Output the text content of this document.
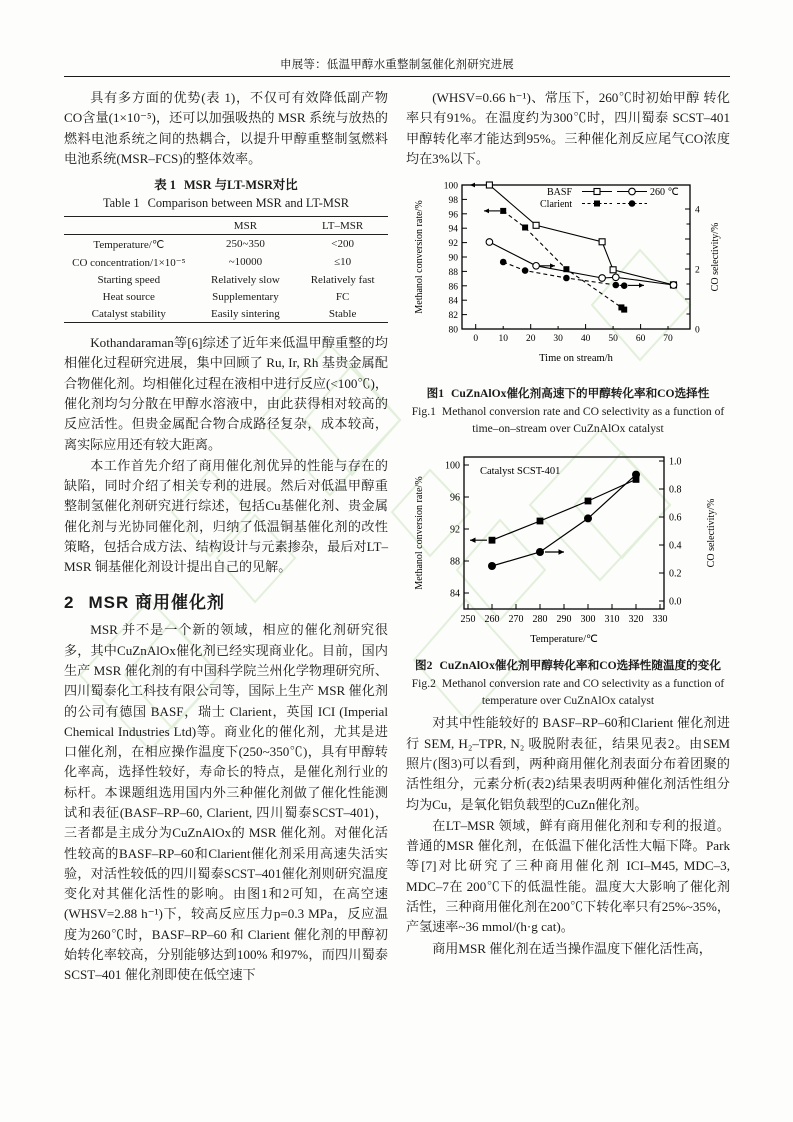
申展等：低温甲醇水重整制氢催化剂研究进展

具有多方面的优势(表 1)，不仅可有效降低副产物CO含量(1×10⁻⁵)，还可以加强吸热的 MSR 系统与放热的燃料电池系统之间的热耦合，以提升甲醇重整制氢燃料电池系统(MSR–FCS)的整体效率。

表 1 MSR 与LT-MSR对比
Table 1 Comparison between MSR and LT-MSR
	MSR	LT–MSR
Temperature/℃	250~350	<200
CO concentration/1×10⁻⁵	~10000	≤10
Starting speed	Relatively slow	Relatively fast
Heat source	Supplementary	FC
Catalyst stability	Easily sintering	Stable

Kothandaraman等[6]综述了近年来低温甲醇重整的均相催化过程研究进展，集中回顾了 Ru, Ir, Rh 基贵金属配合物催化剂。均相催化过程在液相中进行反应(<100℃)，催化剂均匀分散在甲醇水溶液中，由此获得相对较高的反应活性。但贵金属配合物合成路径复杂，成本较高，离实际应用还有较大距离。

本工作首先介绍了商用催化剂优异的性能与存在的缺陷，同时介绍了相关专利的进展。然后对低温甲醇重整制氢催化剂研究进行综述，包括Cu基催化剂、贵金属催化剂与光协同催化剂，归纳了低温铜基催化剂的改性策略，包括合成方法、结构设计与元素掺杂，最后对LT–MSR 铜基催化剂设计提出自己的见解。

2 MSR 商用催化剂

MSR 并不是一个新的领域，相应的催化剂研究很多，其中CuZnAlOx催化剂已经实现商业化。目前，国内生产 MSR 催化剂的有中国科学院兰州化学物理研究所、四川蜀泰化工科技有限公司等，国际上生产 MSR 催化剂的公司有德国 BASF，瑞士 Clarient，英国 ICI (Imperial Chemical Industries Ltd)等。商业化的催化剂，尤其是进口催化剂，在相应操作温度下(250~350℃)，具有甲醇转化率高，选择性较好，寿命长的特点，是催化剂行业的标杆。本课题组选用国内外三种催化剂做了催化性能测试和表征(BASF–RP–60, Clarient, 四川蜀泰SCST–401)，三者都是主成分为CuZnAlOx的 MSR 催化剂。对催化活性较高的BASF–RP–60和Clarient催化剂采用高速失活实验，对活性较低的四川蜀泰SCST–401催化剂则研究温度变化对其催化活性的影响。由图1和2可知，在高空速(WHSV=2.88 h⁻¹)下，较高反应压力p=0.3 MPa，反应温度为260℃时，BASF–RP–60 和 Clarient 催化剂的甲醇初始转化率较高，分别能够达到100% 和97%，而四川蜀泰 SCST–401 催化剂即使在低空速下

(WHSV=0.66 h⁻¹)、常压下，260℃时初始甲醇 转化率只有91%。在温度约为300℃时，四川蜀泰 SCST–401 甲醇转化率才能达到95%。三种催化剂反应尾气CO浓度均在3%以下。

80
82
84
86
88
90
92
94
96
98
100
0 10 20 30 40 50 60 70
Time on stream/h
Methanol conversion rate/%
0
2
4
CO selectivity/%
BASF
Clarient
260 ℃
图1 CuZnAlOx催化剂高速下的甲醇转化率和CO选择性
Fig.1 Methanol conversion rate and CO selectivity as a function of time–on–stream over CuZnAlOx catalyst
84
88
92
96
100
Methanol conversion rate/%
250 260 270 280 290 300 310 320 330
Temperature/℃
0.0
0.2
0.4
0.6
0.8
1.0
CO selectivity/%
Catalyst SCST-401
图2 CuZnAlOx催化剂甲醇转化率和CO选择性随温度的变化
Fig.2 Methanol conversion rate and CO selectivity as a function of temperature over CuZnAlOx catalyst

对其中性能较好的 BASF–RP–60和Clarient 催化剂进行 SEM, H₂–TPR, N₂ 吸脱附表征，结果见表2。由SEM 照片(图3)可以看到，两种商用催化剂表面分布着团聚的活性组分，元素分析(表2)结果表明两种催化剂活性组分均为Cu，是氧化铝负载型的CuZn催化剂。

在LT–MSR 领域，鲜有商用催化剂和专利的报道。普通的MSR 催化剂，在低温下催化活性大幅下降。Park等[7]对比研究了三种商用催化剂 ICI–M45, MDC–3, MDC–7在 200℃下的低温性能。温度大大影响了催化剂活性，三种商用催化剂在200℃下转化率只有25%~35%，产氢速率~36 mmol/(h·g cat)。

商用MSR 催化剂在适当操作温度下催化活性高，
